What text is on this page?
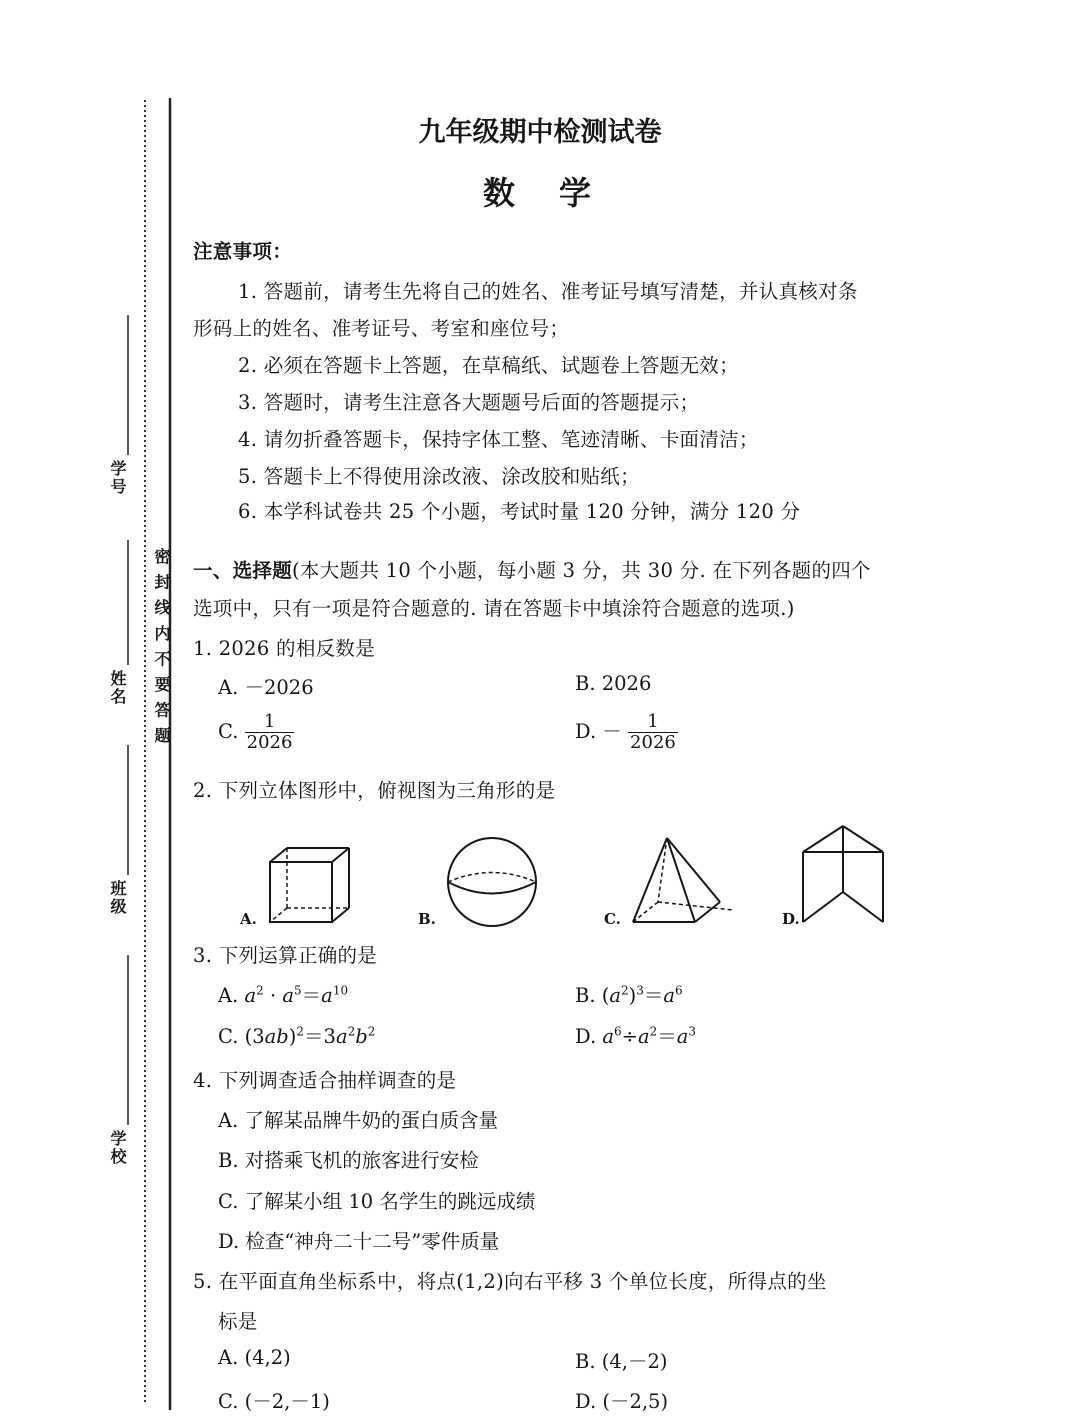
密 封 线 内 不 要 答 题
学号
姓名
班级
学校
九年级期中检测试卷
数　学
注意事项：
1. 答题前，请考生先将自己的姓名、准考证号填写清楚，并认真核对条
形码上的姓名、准考证号、考室和座位号；
2. 必须在答题卡上答题，在草稿纸、试题卷上答题无效；
3. 答题时，请考生注意各大题题号后面的答题提示；
4. 请勿折叠答题卡，保持字体工整、笔迹清晰、卡面清洁；
5. 答题卡上不得使用涂改液、涂改胶和贴纸；
6. 本学科试卷共 25 个小题，考试时量 120 分钟，满分 120 分
一、选择题(本大题共 10 个小题，每小题 3 分，共 30 分. 在下列各题的四个
选项中，只有一项是符合题意的. 请在答题卡中填涂符合题意的选项.)
1. 2026 的相反数是
A. －2026	B. 2026
C. $\frac{1}{2026}$	D. － $\frac{1}{2026}$
2. 下列立体图形中，俯视图为三角形的是
A.	B.	C.	D.
3. 下列运算正确的是
A. $a^2 \cdot a^5=a^{10}$	B. $(a^2)^3=a^6$
C. $(3ab)^2=3a^2b^2$	D. $a^6\div a^2=a^3$
4. 下列调查适合抽样调查的是
A. 了解某品牌牛奶的蛋白质含量
B. 对搭乘飞机的旅客进行安检
C. 了解某小组 10 名学生的跳远成绩
D. 检查“神舟二十二号”零件质量
5. 在平面直角坐标系中，将点(1,2)向右平移 3 个单位长度，所得点的坐
标是
A. (4,2)	B. (4,－2)
C. (－2,－1)	D. (－2,5)
